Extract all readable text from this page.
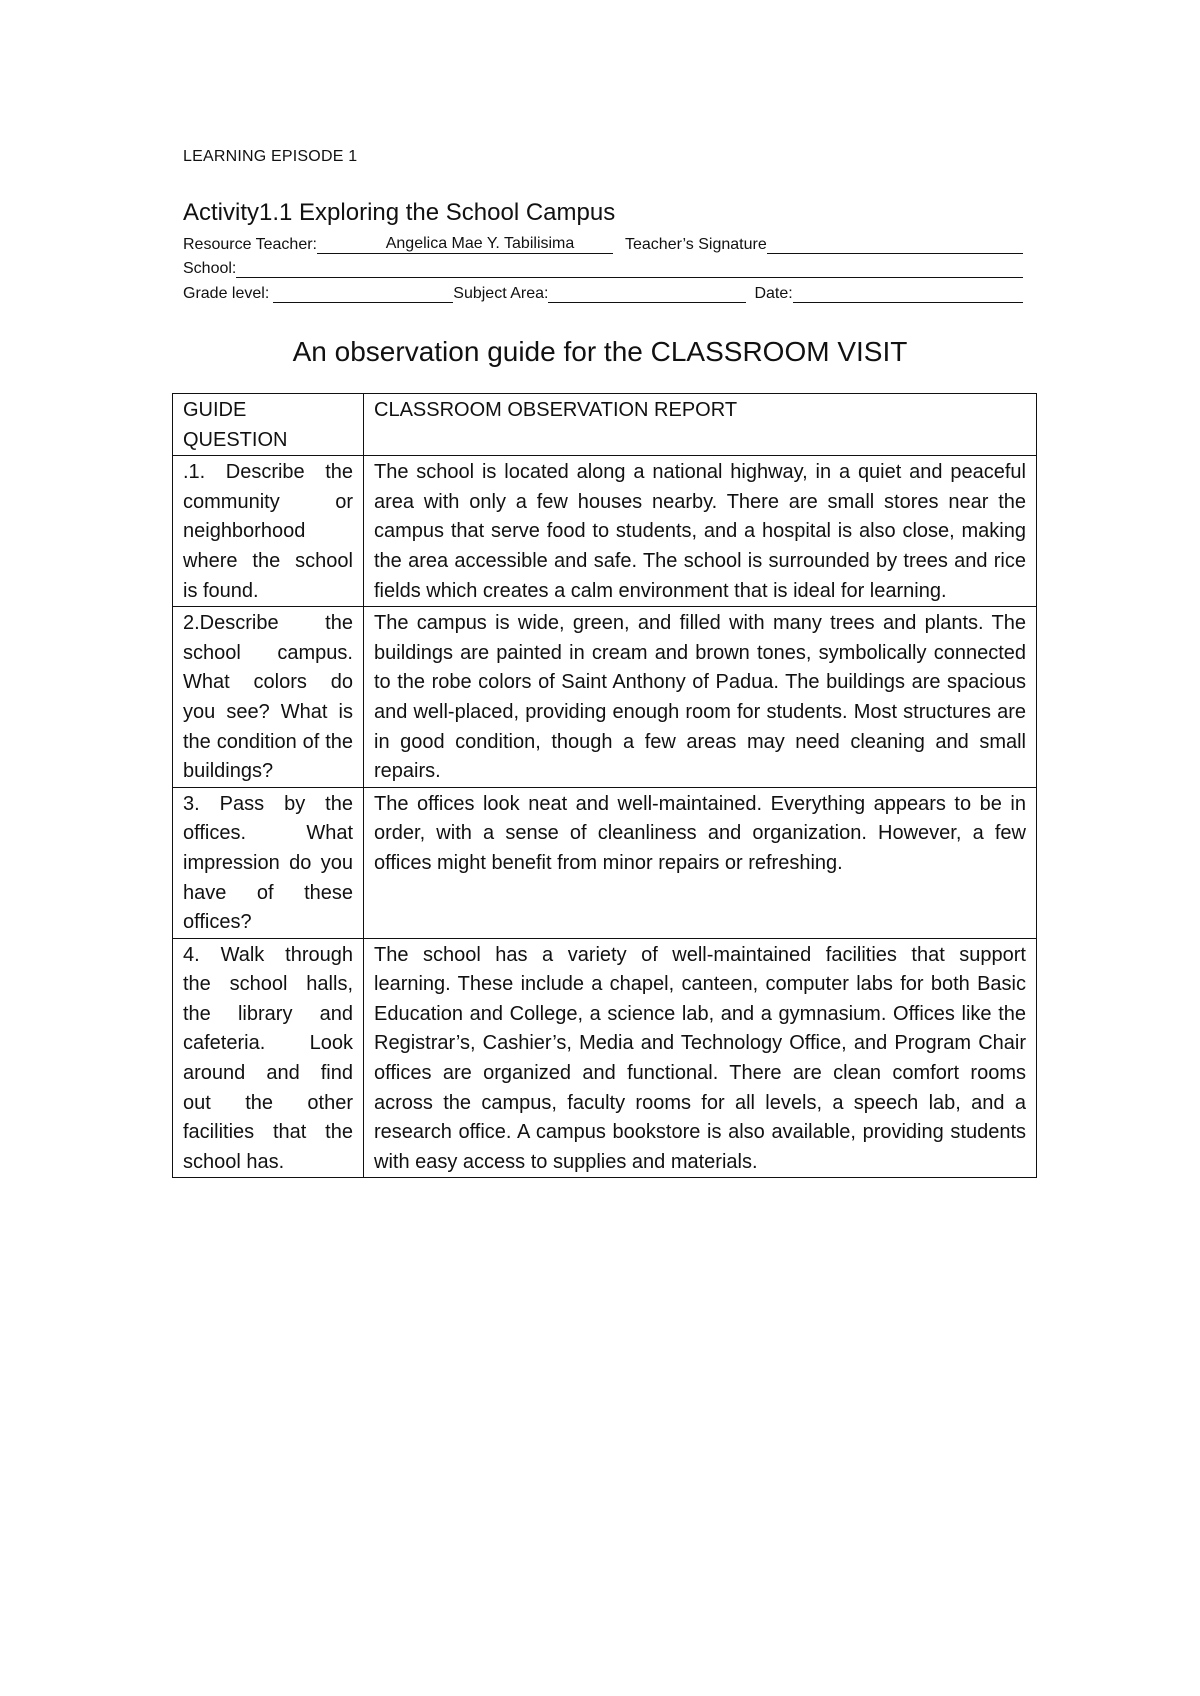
LEARNING EPISODE 1
Activity1.1 Exploring the School Campus
Resource Teacher:	Angelica Mae Y. Tabilisima	Teacher’s Signature
School:
Grade level:	Subject Area:	Date:
An observation guide for the CLASSROOM VISIT
GUIDE QUESTION	CLASSROOM OBSERVATION REPORT
.1. Describe the community or neighborhood where the school is found.	The school is located along a national highway, in a quiet and peaceful area with only a few houses nearby. There are small stores near the campus that serve food to students, and a hospital is also close, making the area accessible and safe. The school is surrounded by trees and rice fields which creates a calm environment that is ideal for learning.
2.Describe the school campus. What colors do you see? What is the condition of the buildings?	The campus is wide, green, and filled with many trees and plants. The buildings are painted in cream and brown tones, symbolically connected to the robe colors of Saint Anthony of Padua. The buildings are spacious and well-placed, providing enough room for students. Most structures are in good condition, though a few areas may need cleaning and small repairs.
3. Pass by the offices. What impression do you have of these offices?	The offices look neat and well-maintained. Everything appears to be in order, with a sense of cleanliness and organization. However, a few offices might benefit from minor repairs or refreshing.
4. Walk through the school halls, the library and cafeteria. Look around and find out the other facilities that the school has.	The school has a variety of well-maintained facilities that support learning. These include a chapel, canteen, computer labs for both Basic Education and College, a science lab, and a gymnasium. Offices like the Registrar’s, Cashier’s, Media and Technology Office, and Program Chair offices are organized and functional. There are clean comfort rooms across the campus, faculty rooms for all levels, a speech lab, and a research office. A campus bookstore is also available, providing students with easy access to supplies and materials.
